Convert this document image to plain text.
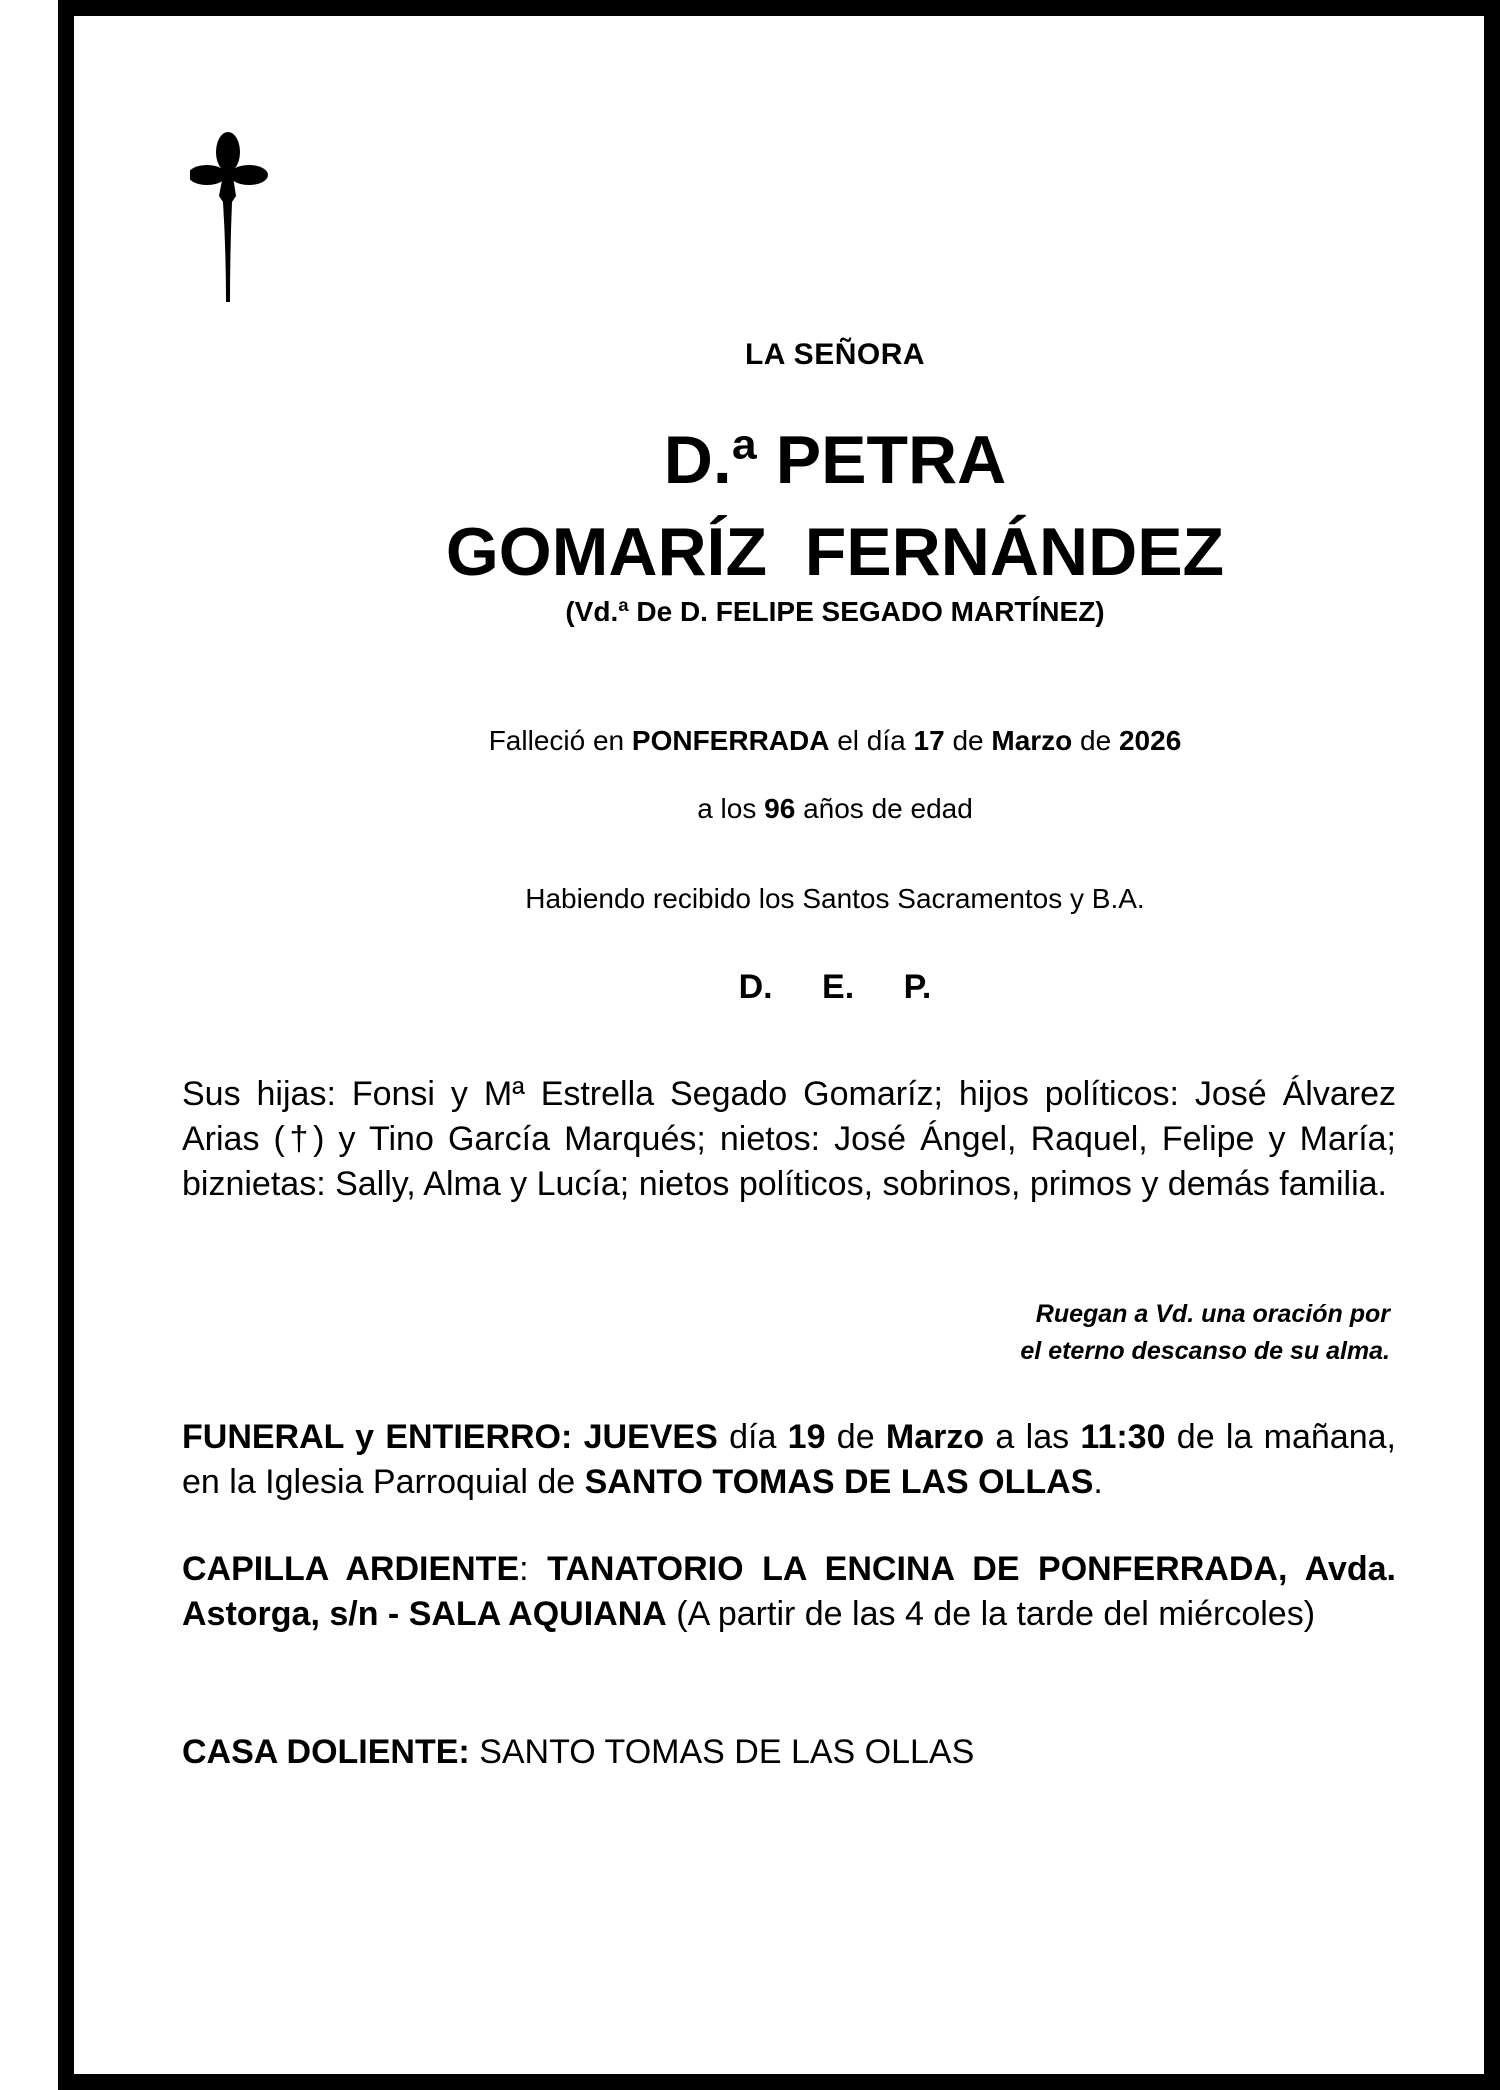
LA SEÑORA
D.ª PETRA
GOMARÍZ  FERNÁNDEZ
(Vd.ª De D. FELIPE SEGADO MARTÍNEZ)
Falleció en PONFERRADA el día 17 de Marzo de 2026
a los 96 años de edad
Habiendo recibido los Santos Sacramentos y B.A.
D. E. P.
Sus hijas: Fonsi y Mª Estrella Segado Gomaríz; hijos políticos: José Álvarez Arias (†) y Tino García Marqués; nietos: José Ángel, Raquel, Felipe y María; biznietas: Sally, Alma y Lucía; nietos políticos, sobrinos, primos y demás familia.
Ruegan a Vd. una oración por
el eterno descanso de su alma.
FUNERAL y ENTIERRO: JUEVES día 19 de Marzo a las 11:30 de la mañana, en la Iglesia Parroquial de SANTO TOMAS DE LAS OLLAS.
CAPILLA ARDIENTE: TANATORIO LA ENCINA DE PONFERRADA, Avda. Astorga, s/n - SALA AQUIANA (A partir de las 4 de la tarde del miércoles)
CASA DOLIENTE: SANTO TOMAS DE LAS OLLAS
